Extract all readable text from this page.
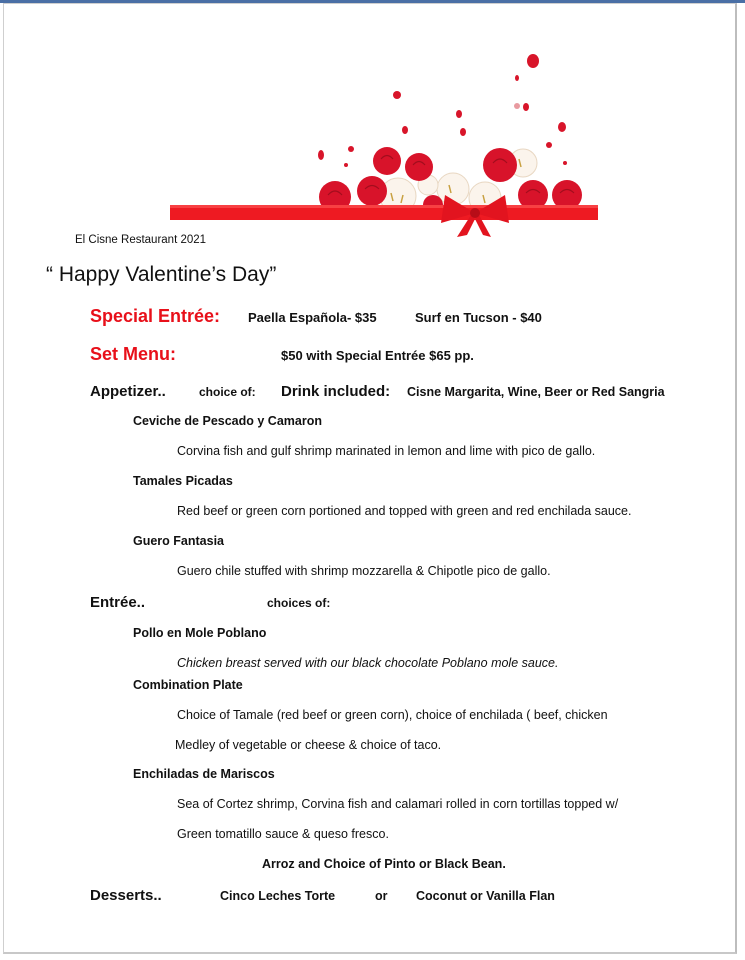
El Cisne Restaurant 2021
“ Happy Valentine’s Day”
Special Entrée: Paella Española- $35	Surf en Tucson - $40
Set Menu:	$50 with Special Entrée $65 pp.
Appetizer..	choice of: Drink included: Cisne Margarita, Wine, Beer or Red Sangria
Ceviche de Pescado y Camaron
Corvina fish and gulf shrimp marinated in lemon and lime with pico de gallo.
Tamales Picadas
Red beef or green corn portioned and topped with green and red enchilada sauce.
Guero Fantasia
Guero chile stuffed with shrimp mozzarella & Chipotle pico de gallo.
Entrée..	choices of:
Pollo en Mole Poblano
Chicken breast served with our black chocolate Poblano mole sauce.
Combination Plate
Choice of Tamale (red beef or green corn), choice of enchilada ( beef, chicken
Medley of vegetable or cheese & choice of taco.
Enchiladas de Mariscos
Sea of Cortez shrimp, Corvina fish and calamari rolled in corn tortillas topped w/
Green tomatillo sauce & queso fresco.
Arroz and Choice of Pinto or Black Bean.
Desserts..	Cinco Leches Torte	or Coconut or Vanilla Flan
